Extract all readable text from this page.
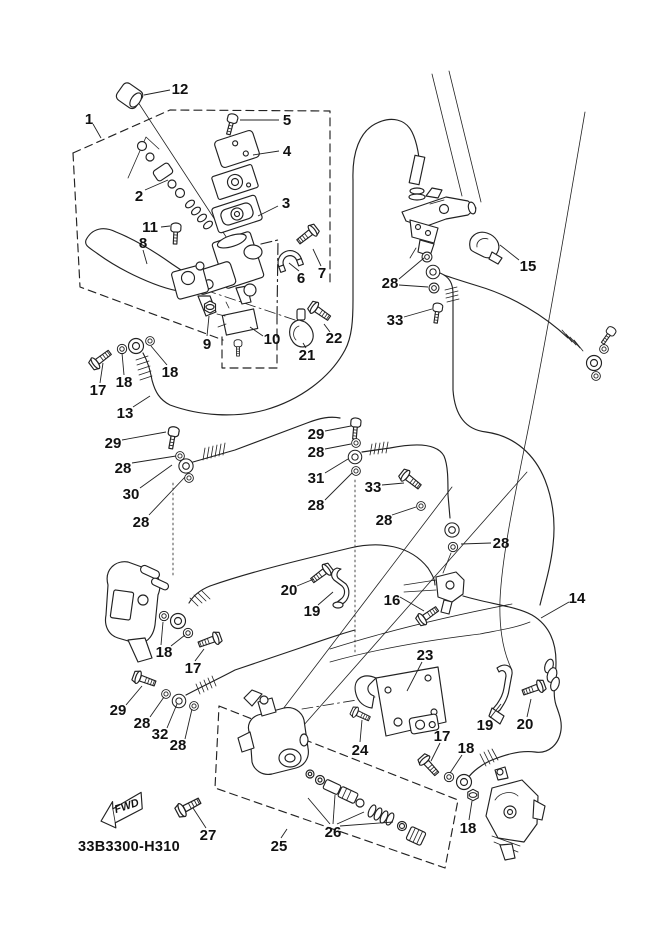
FWD
33B3300-H310
12
1	5
4
2	3
11
8
6 7
9	10
21
22
15
28
33
17 18
18
13
29
28
30
28
29
28
31
28
33
28
28
16
20
19
14
23
18
17
29
28
32
28	24
27
25
26
19 20
17
18
18
